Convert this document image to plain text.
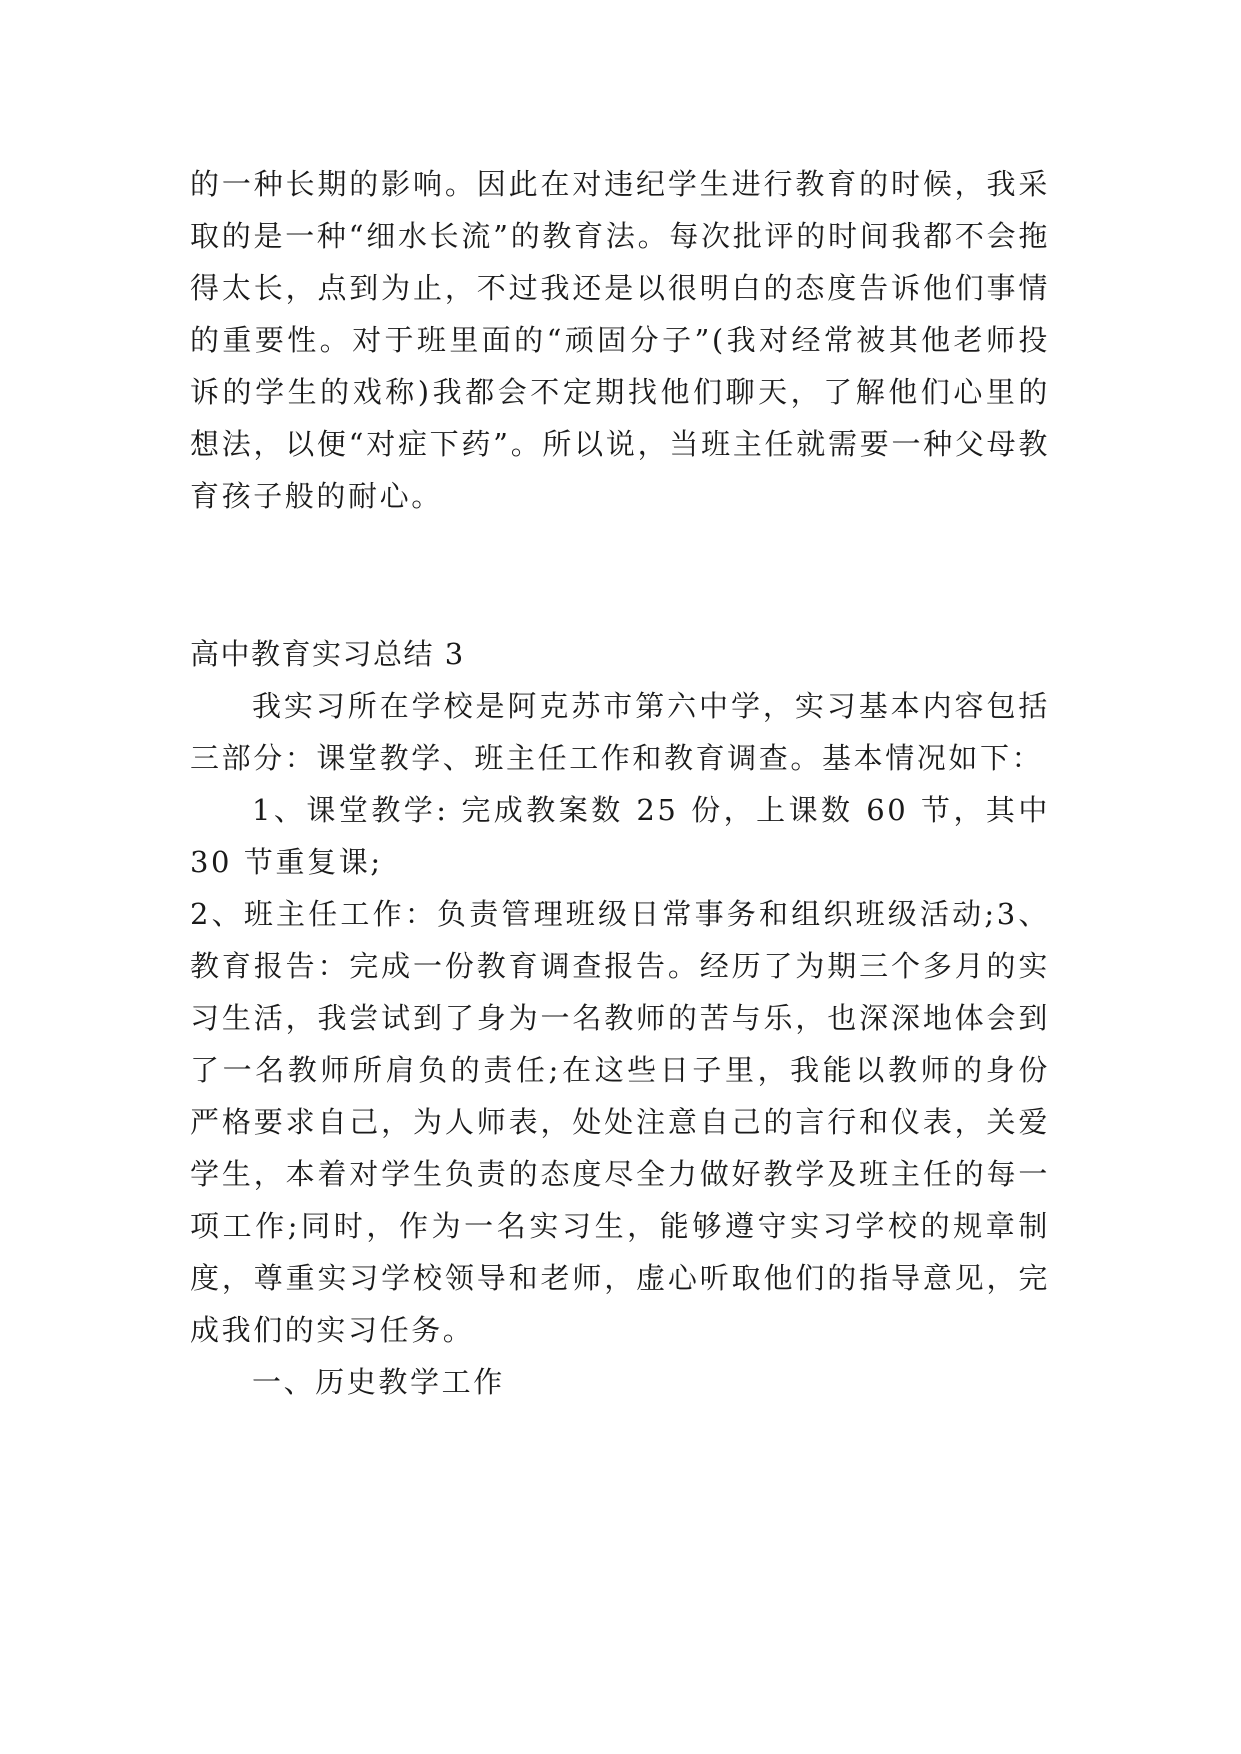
的一种长期的影响。因此在对违纪学生进行教育的时候，我采取的是一种“细水长流”的教育法。每次批评的时间我都不会拖得太长，点到为止，不过我还是以很明白的态度告诉他们事情的重要性。对于班里面的“顽固分子”(我对经常被其他老师投诉的学生的戏称)我都会不定期找他们聊天，了解他们心里的想法，以便“对症下药”。所以说，当班主任就需要一种父母教育孩子般的耐心。

高中教育实习总结 3

我实习所在学校是阿克苏市第六中学，实习基本内容包括三部分：课堂教学、班主任工作和教育调查。基本情况如下：

1、课堂教学: 完成教案数 25 份，上课数 60 节，其中 30 节重复课;

2、班主任工作：负责管理班级日常事务和组织班级活动;3、教育报告：完成一份教育调查报告。经历了为期三个多月的实习生活，我尝试到了身为一名教师的苦与乐，也深深地体会到了一名教师所肩负的责任;在这些日子里，我能以教师的身份严格要求自己，为人师表，处处注意自己的言行和仪表，关爱学生，本着对学生负责的态度尽全力做好教学及班主任的每一项工作;同时，作为一名实习生，能够遵守实习学校的规章制度，尊重实习学校领导和老师，虚心听取他们的指导意见，完成我们的实习任务。

一、历史教学工作
